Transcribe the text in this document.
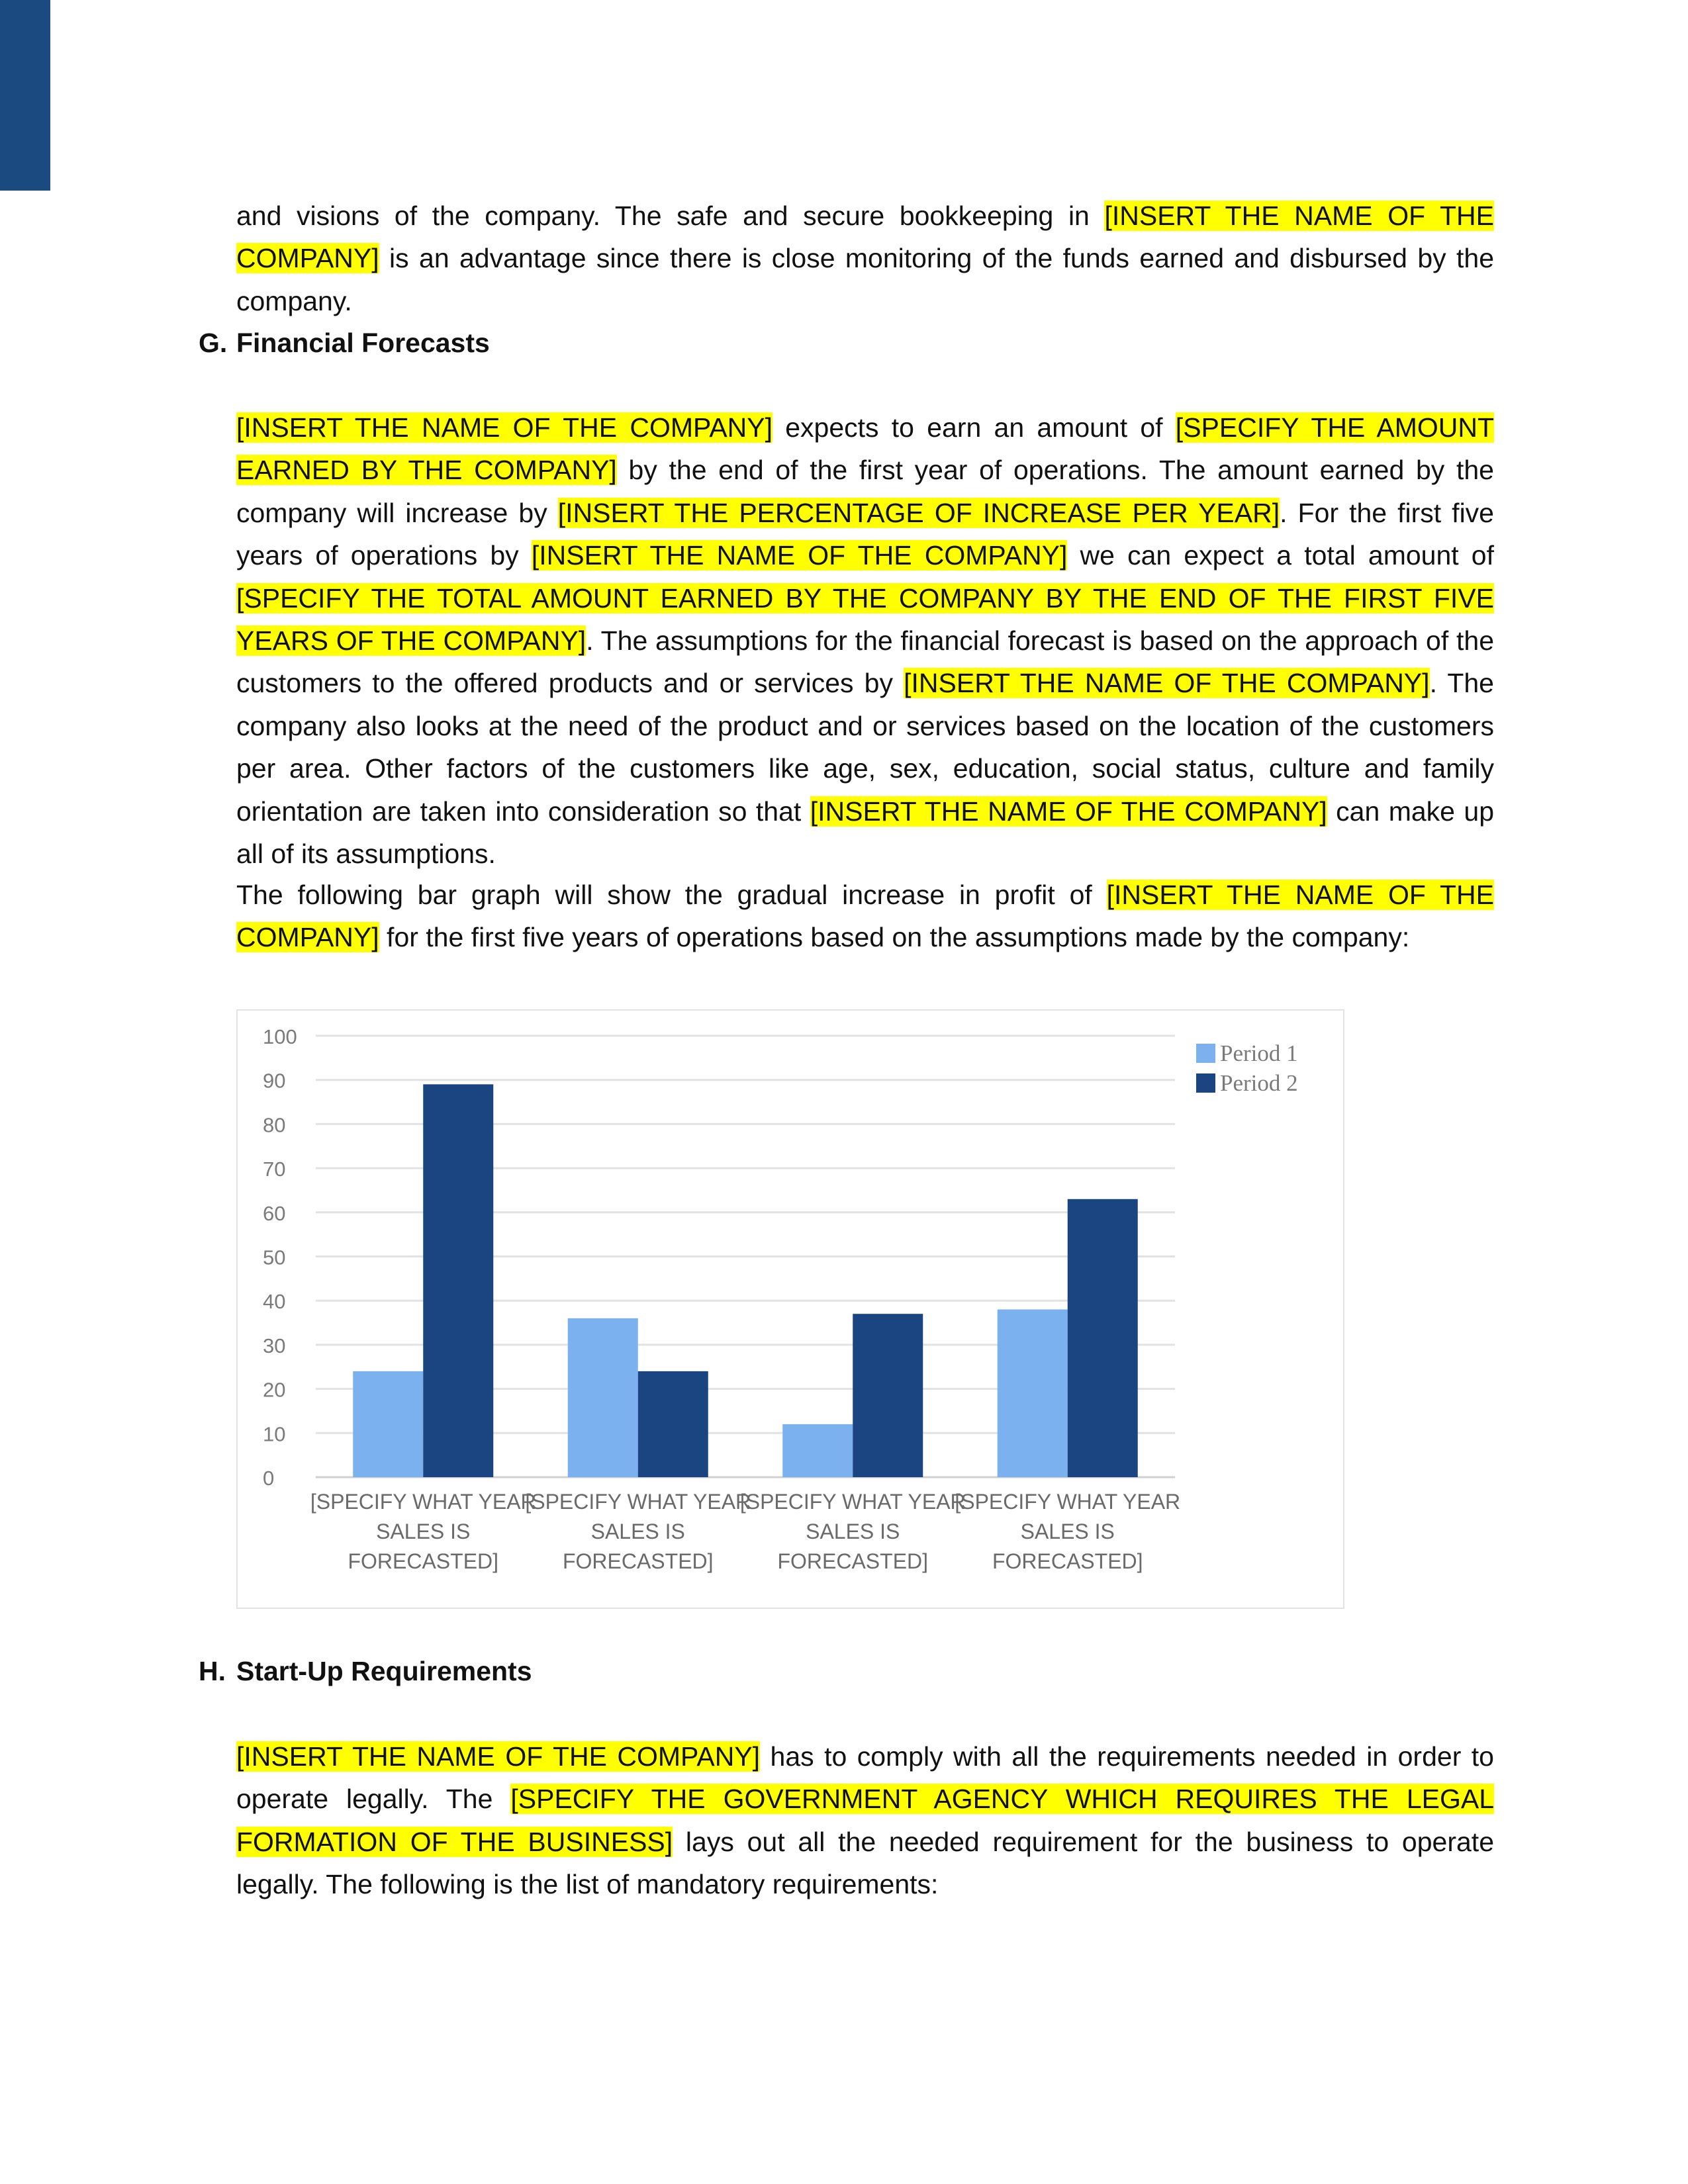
and visions of the company. The safe and secure bookkeeping in [INSERT THE NAME OF THE COMPANY] is an advantage since there is close monitoring of the funds earned and disbursed by the company.

G. Financial Forecasts

[INSERT THE NAME OF THE COMPANY] expects to earn an amount of [SPECIFY THE AMOUNT EARNED BY THE COMPANY] by the end of the first year of operations. The amount earned by the company will increase by [INSERT THE PERCENTAGE OF INCREASE PER YEAR]. For the first five years of operations by [INSERT THE NAME OF THE COMPANY] we can expect a total amount of [SPECIFY THE TOTAL AMOUNT EARNED BY THE COMPANY BY THE END OF THE FIRST FIVE YEARS OF THE COMPANY]. The assumptions for the financial forecast is based on the approach of the customers to the offered products and or services by [INSERT THE NAME OF THE COMPANY]. The company also looks at the need of the product and or services based on the location of the customers per area. Other factors of the customers like age, sex, education, social status, culture and family orientation are taken into consideration so that [INSERT THE NAME OF THE COMPANY] can make up all of its assumptions.

The following bar graph will show the gradual increase in profit of [INSERT THE NAME OF THE COMPANY] for the first five years of operations based on the assumptions made by the company:

0
10
20
30
40
50
60
70
80
90
100
[SPECIFY WHAT YEAR
SALES IS
FORECASTED]
[SPECIFY WHAT YEAR
SALES IS
FORECASTED]
[SPECIFY WHAT YEAR
SALES IS
FORECASTED]
[SPECIFY WHAT YEAR
SALES IS
FORECASTED]
Period 1
Period 2
H. Start-Up Requirements

[INSERT THE NAME OF THE COMPANY] has to comply with all the requirements needed in order to operate legally. The [SPECIFY THE GOVERNMENT AGENCY WHICH REQUIRES THE LEGAL FORMATION OF THE BUSINESS] lays out all the needed requirement for the business to operate legally. The following is the list of mandatory requirements:
